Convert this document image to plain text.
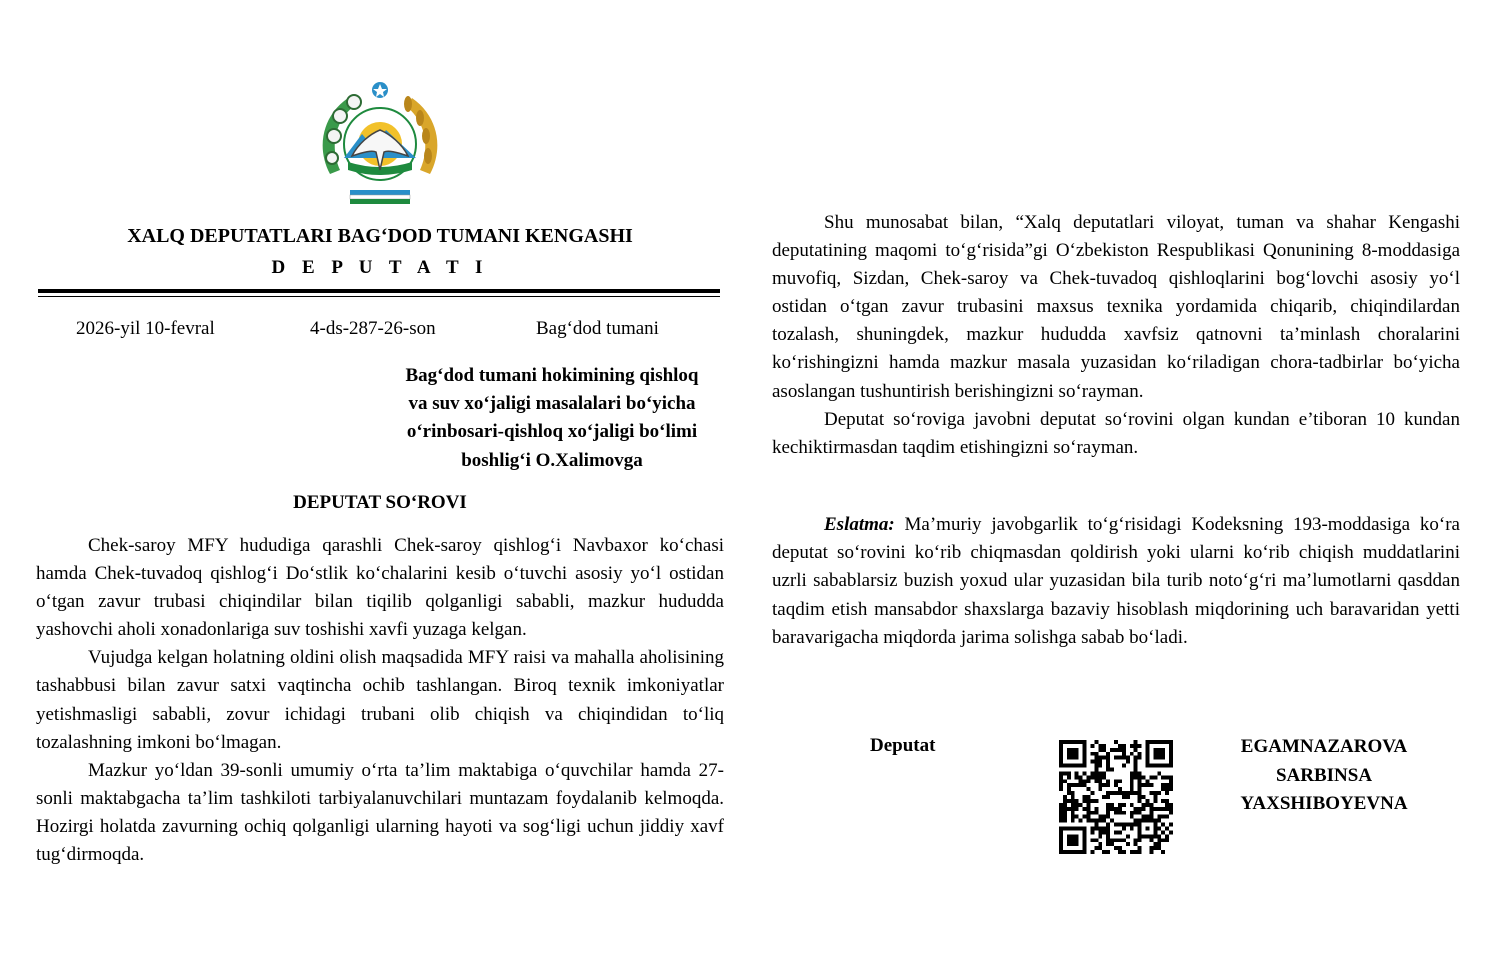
XALQ DEPUTATLARI BAG‘DOD TUMANI KENGASHI
D E P U T A T I
2026-yil 10-fevral	4-ds-287-26-son	Bag‘dod tumani
Bag‘dod tumani hokimining qishloq
va suv xo‘jaligi masalalari bo‘yicha
o‘rinbosari-qishloq xo‘jaligi bo‘limi
boshlig‘i O.Xalimovga
DEPUTAT SO‘ROVI

Chek-saroy MFY hududiga qarashli Chek-saroy qishlog‘i Navbaxor ko‘chasi hamda Chek-tuvadoq qishlog‘i Do‘stlik ko‘chalarini kesib o‘tuvchi asosiy yo‘l ostidan o‘tgan zavur trubasi chiqindilar bilan tiqilib qolganligi sababli, mazkur hududda yashovchi aholi xonadonlariga suv toshishi xavfi yuzaga kelgan.

Vujudga kelgan holatning oldini olish maqsadida MFY raisi va mahalla aholisining tashabbusi bilan zavur satxi vaqtincha ochib tashlangan. Biroq texnik imkoniyatlar yetishmasligi sababli, zovur ichidagi trubani olib chiqish va chiqindidan to‘liq tozalashning imkoni bo‘lmagan.

Mazkur yo‘ldan 39-sonli umumiy o‘rta ta’lim maktabiga o‘quvchilar hamda 27-sonli maktabgacha ta’lim tashkiloti tarbiyalanuvchilari muntazam foydalanib kelmoqda. Hozirgi holatda zavurning ochiq qolganligi ularning hayoti va sog‘ligi uchun jiddiy xavf tug‘dirmoqda.

Shu munosabat bilan, “Xalq deputatlari viloyat, tuman va shahar Kengashi deputatining maqomi to‘g‘risida”gi O‘zbekiston Respublikasi Qonunining 8-moddasiga muvofiq, Sizdan, Chek-saroy va Chek-tuvadoq qishloqlarini bog‘lovchi asosiy yo‘l ostidan o‘tgan zavur trubasini maxsus texnika yordamida chiqarib, chiqindilardan tozalash, shuningdek, mazkur hududda xavfsiz qatnovni ta’minlash choralarini ko‘rishingizni hamda mazkur masala yuzasidan ko‘riladigan chora-tadbirlar bo‘yicha asoslangan tushuntirish berishingizni so‘rayman.

Deputat so‘roviga javobni deputat so‘rovini olgan kundan e’tiboran 10 kundan kechiktirmasdan taqdim etishingizni so‘rayman.

Eslatma: Ma’muriy javobgarlik to‘g‘risidagi Kodeksning 193-moddasiga ko‘ra deputat so‘rovini ko‘rib chiqmasdan qoldirish yoki ularni ko‘rib chiqish muddatlarini uzrli sabablarsiz buzish yoxud ular yuzasidan bila turib noto‘g‘ri ma’lumotlarni qasddan taqdim etish mansabdor shaxslarga bazaviy hisoblash miqdorining uch baravaridan yetti baravarigacha miqdorda jarima solishga sabab bo‘ladi.
Deputat	EGAMNAZAROVA
SARBINSA
YAXSHIBOYEVNA
